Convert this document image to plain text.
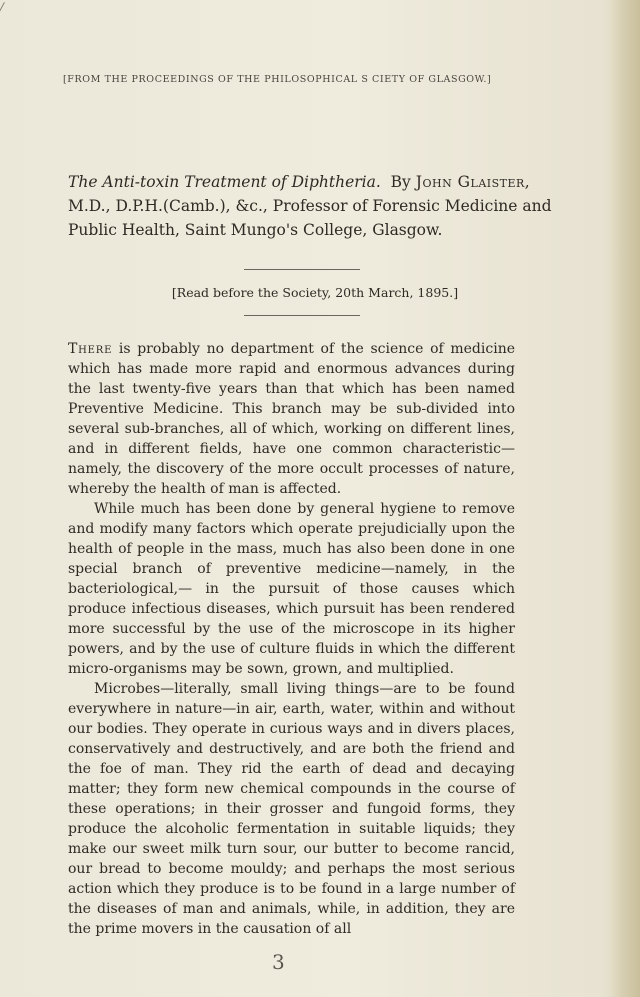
[FROM THE PROCEEDINGS OF THE PHILOSOPHICAL S CIETY OF GLASGOW.]
The Anti-toxin Treatment of Diphtheria. By John Glaister, M.D., D.P.H.(Camb.), &c., Professor of Forensic Medicine and Public Health, Saint Mungo's College, Glasgow.
[Read before the Society, 20th March, 1895.]

There is probably no department of the science of medicine which has made more rapid and enormous advances during the last twenty-five years than that which has been named Preventive Medicine. This branch may be sub-divided into several sub-branches, all of which, working on different lines, and in different fields, have one common characteristic—namely, the discovery of the more occult processes of nature, whereby the health of man is affected.

While much has been done by general hygiene to remove and modify many factors which operate prejudicially upon the health of people in the mass, much has also been done in one special branch of preventive medicine—namely, in the bacteriological,— in the pursuit of those causes which produce infectious diseases, which pursuit has been rendered more successful by the use of the microscope in its higher powers, and by the use of culture fluids in which the different micro-organisms may be sown, grown, and multiplied.

Microbes—literally, small living things—are to be found everywhere in nature—in air, earth, water, within and without our bodies. They operate in curious ways and in divers places, conservatively and destructively, and are both the friend and the foe of man. They rid the earth of dead and decaying matter; they form new chemical compounds in the course of these operations; in their grosser and fungoid forms, they produce the alcoholic fermentation in suitable liquids; they make our sweet milk turn sour, our butter to become rancid, our bread to become mouldy; and perhaps the most serious action which they produce is to be found in a large number of the diseases of man and animals, while, in addition, they are the prime movers in the causation of all

3
